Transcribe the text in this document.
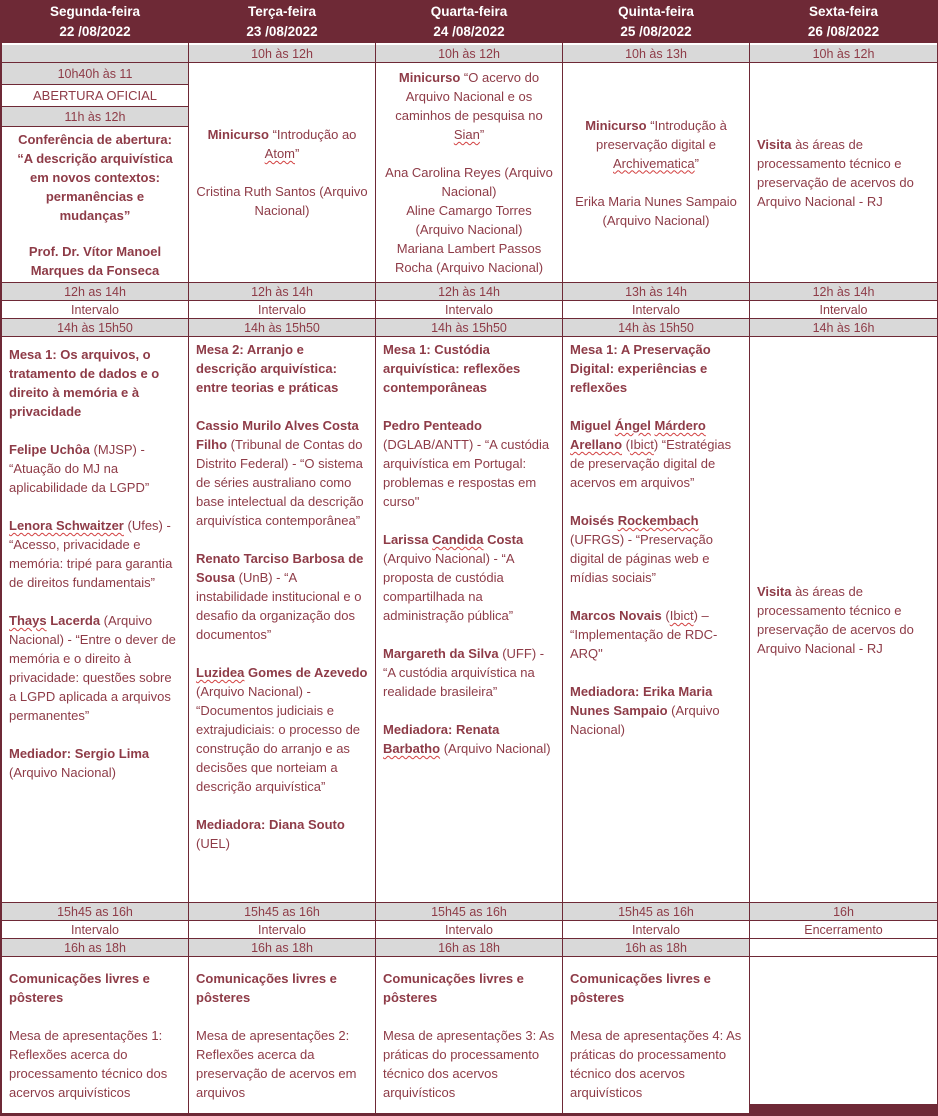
Segunda-feira
22 /08/2022
10h40h às 11
ABERTURA OFICIAL
11h às 12h
Conferência de abertura: “A descrição arquivística em novos contextos: permanências e mudanças”
Prof. Dr. Vítor Manoel Marques da Fonseca
12h as 14h
Intervalo
14h às 15h50
Mesa 1: Os arquivos, o tratamento de dados e o direito à memória e à privacidade
Felipe Uchôa (MJSP) - “Atuação do MJ na aplicabilidade da LGPD”
Lenora Schwaitzer (Ufes) - “Acesso, privacidade e memória: tripé para garantia de direitos fundamentais”
Thays Lacerda (Arquivo Nacional) - “Entre o dever de memória e o direito à privacidade: questões sobre a LGPD aplicada a arquivos permanentes”
Mediador: Sergio Lima (Arquivo Nacional)
15h45 as 16h
Intervalo
16h as 18h
Comunicações livres e pôsteres
Mesa de apresentações 1: Reflexões acerca do processamento técnico dos acervos arquivísticos
Terça-feira
23 /08/2022
10h às 12h
Minicurso “Introdução ao Atom”
Cristina Ruth Santos (Arquivo Nacional)
12h às 14h
Intervalo
14h às 15h50
Mesa 2: Arranjo e descrição arquivística: entre teorias e práticas
Cassio Murilo Alves Costa Filho (Tribunal de Contas do Distrito Federal) - “O sistema de séries australiano como base intelectual da descrição arquivística contemporânea”
Renato Tarciso Barbosa de Sousa (UnB) - “A instabilidade institucional e o desafio da organização dos documentos”
Luzidea Gomes de Azevedo (Arquivo Nacional) - “Documentos judiciais e extrajudiciais: o processo de construção do arranjo e as decisões que norteiam a descrição arquivística”
Mediadora: Diana Souto (UEL)
15h45 as 16h
Intervalo
16h as 18h
Comunicações livres e pôsteres
Mesa de apresentações 2: Reflexões acerca da preservação de acervos em arquivos
Quarta-feira
24 /08/2022
10h às 12h
Minicurso “O acervo do Arquivo Nacional e os caminhos de pesquisa no Sian”
Ana Carolina Reyes (Arquivo Nacional)
Aline Camargo Torres (Arquivo Nacional)
Mariana Lambert Passos Rocha (Arquivo Nacional)
12h às 14h
Intervalo
14h às 15h50
Mesa 1: Custódia arquivística: reflexões contemporâneas
Pedro Penteado (DGLAB/ANTT) - “A custódia arquivística em Portugal: problemas e respostas em curso"
Larissa Candida Costa (Arquivo Nacional) - “A proposta de custódia compartilhada na administração pública”
Margareth da Silva (UFF) - “A custódia arquivística na realidade brasileira”
Mediadora: Renata Barbatho (Arquivo Nacional)
15h45 as 16h
Intervalo
16h as 18h
Comunicações livres e pôsteres
Mesa de apresentações 3: As práticas do processamento técnico dos acervos arquivísticos
Quinta-feira
25 /08/2022
10h às 13h
Minicurso “Introdução à preservação digital e Archivematica”
Erika Maria Nunes Sampaio (Arquivo Nacional)
13h às 14h
Intervalo
14h às 15h50
Mesa 1: A Preservação Digital: experiências e reflexões
Miguel Ángel Márdero Arellano (Ibict) “Estratégias de preservação digital de acervos em arquivos”
Moisés Rockembach (UFRGS) - “Preservação digital de páginas web e mídias sociais”
Marcos Novais (Ibict) – “Implementação de RDC-ARQ"
Mediadora: Erika Maria Nunes Sampaio (Arquivo Nacional)
15h45 as 16h
Intervalo
16h as 18h
Comunicações livres e pôsteres
Mesa de apresentações 4: As práticas do processamento técnico dos acervos arquivísticos
Sexta-feira
26 /08/2022
10h às 12h
Visita às áreas de processamento técnico e preservação de acervos do Arquivo Nacional - RJ
12h às 14h
Intervalo
14h às 16h
Visita às áreas de processamento técnico e preservação de acervos do Arquivo Nacional - RJ
16h
Encerramento
